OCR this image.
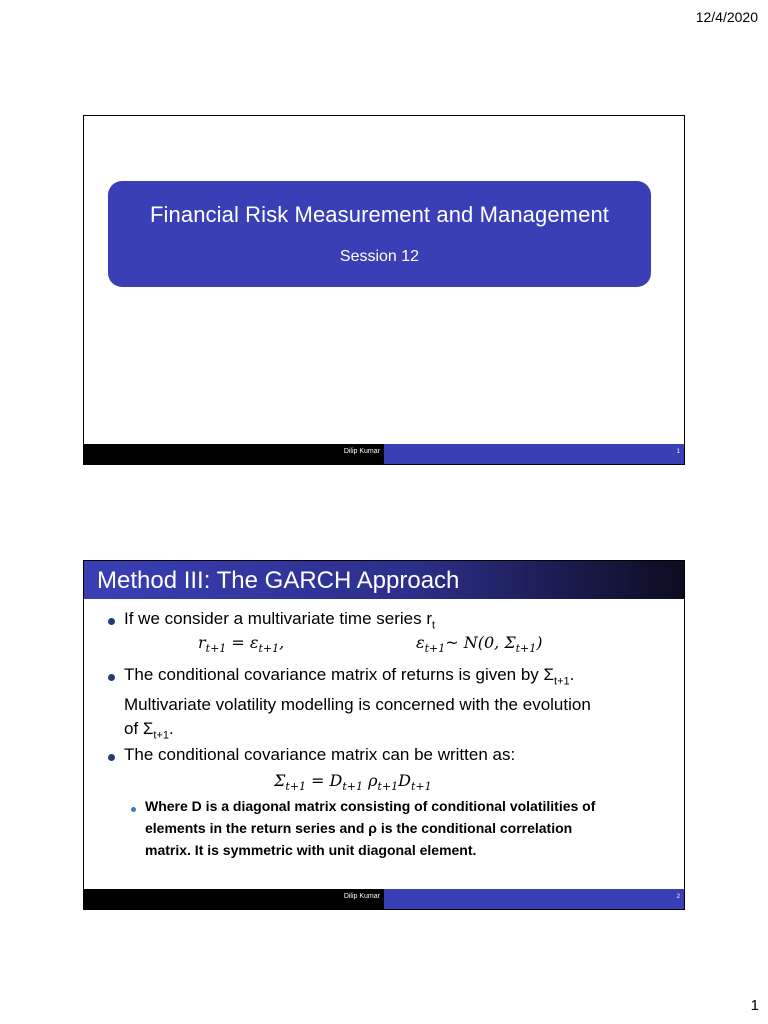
12/4/2020
Financial Risk Measurement and Management
Session 12
Dilip Kumar	1
Method III: The GARCH Approach
If we consider a multivariate time series $r_t$
$r_{t+1} = \varepsilon_{t+1}$,	$\varepsilon_{t+1}\sim$ N(0, $\Sigma_{t+1}$)
The conditional covariance matrix of returns is given by $\Sigma_{t+1}$.
Multivariate volatility modelling is concerned with the evolution
of $\Sigma_{t+1}$.
The conditional covariance matrix can be written as:
$\Sigma_{t+1} = D_{t+1}$ $\rho_{t+1}D_{t+1}$
Where D is a diagonal matrix consisting of conditional volatilities of
elements in the return series and ρ is the conditional correlation
matrix. It is symmetric with unit diagonal element.
Dilip Kumar	2
1
